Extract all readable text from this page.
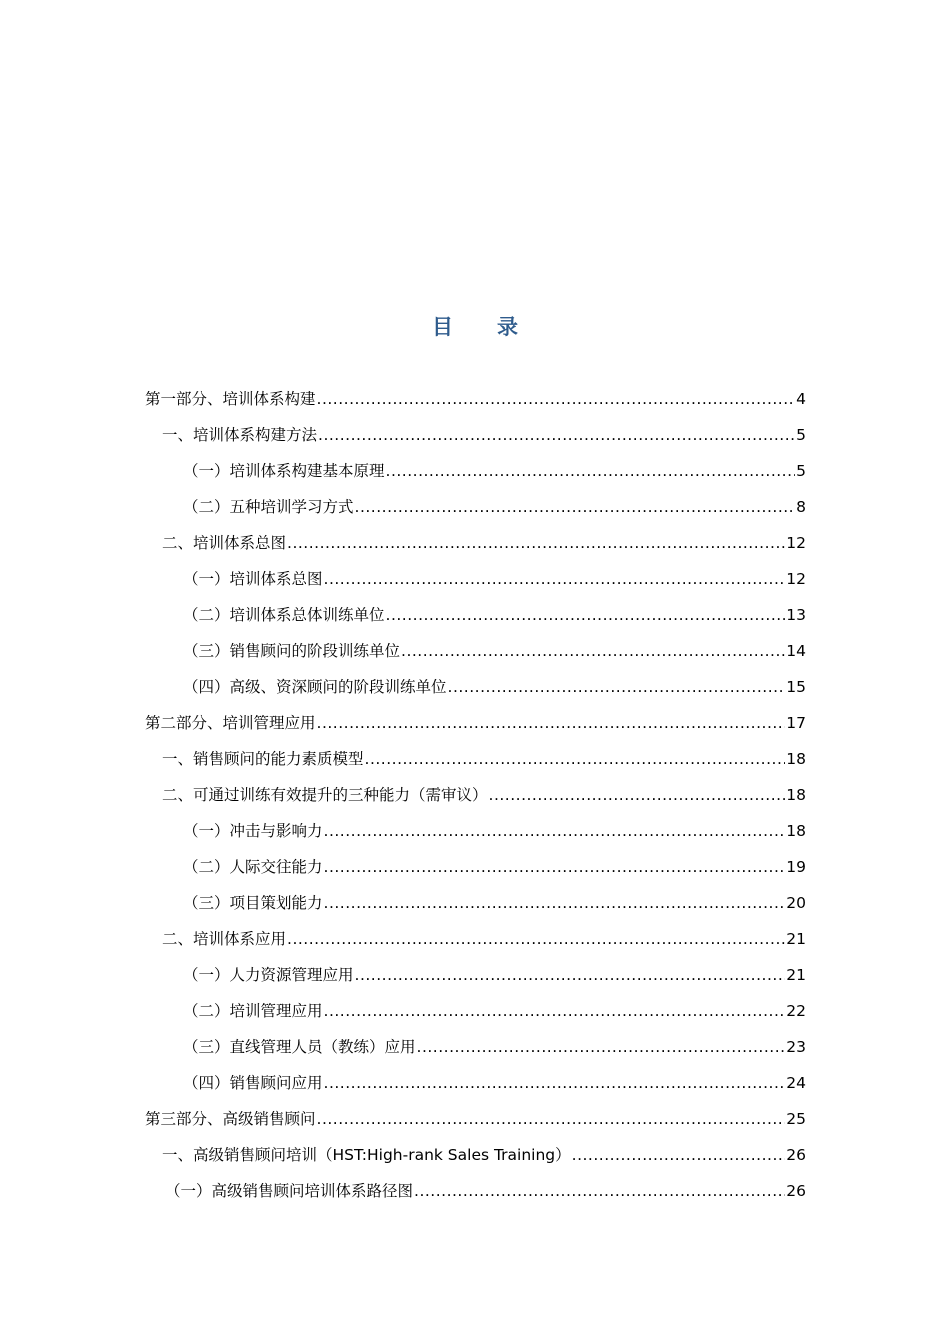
目录
第一部分、培训体系构建 .....	4
一、培训体系构建方法 .....	5
（一）培训体系构建基本原理 .....	5
（二）五种培训学习方式 .....	8
二、培训体系总图 .....	12
（一）培训体系总图 .....	12
（二）培训体系总体训练单位 .....	13
（三）销售顾问的阶段训练单位 .....	14
（四）高级、资深顾问的阶段训练单位 .....	15
第二部分、培训管理应用 .....	17
一、销售顾问的能力素质模型 .....	18
二、可通过训练有效提升的三种能力（需审议） .....	18
（一）冲击与影响力 .....	18
（二）人际交往能力 .....	19
（三）项目策划能力 .....	20
二、培训体系应用 .....	21
（一）人力资源管理应用 .....	21
（二）培训管理应用 .....	22
（三）直线管理人员（教练）应用 .....	23
（四）销售顾问应用 .....	24
第三部分、高级销售顾问 .....	25
一、高级销售顾问培训（HST:High-rank Sales Training） .....	26
（一）高级销售顾问培训体系路径图 .....	26
